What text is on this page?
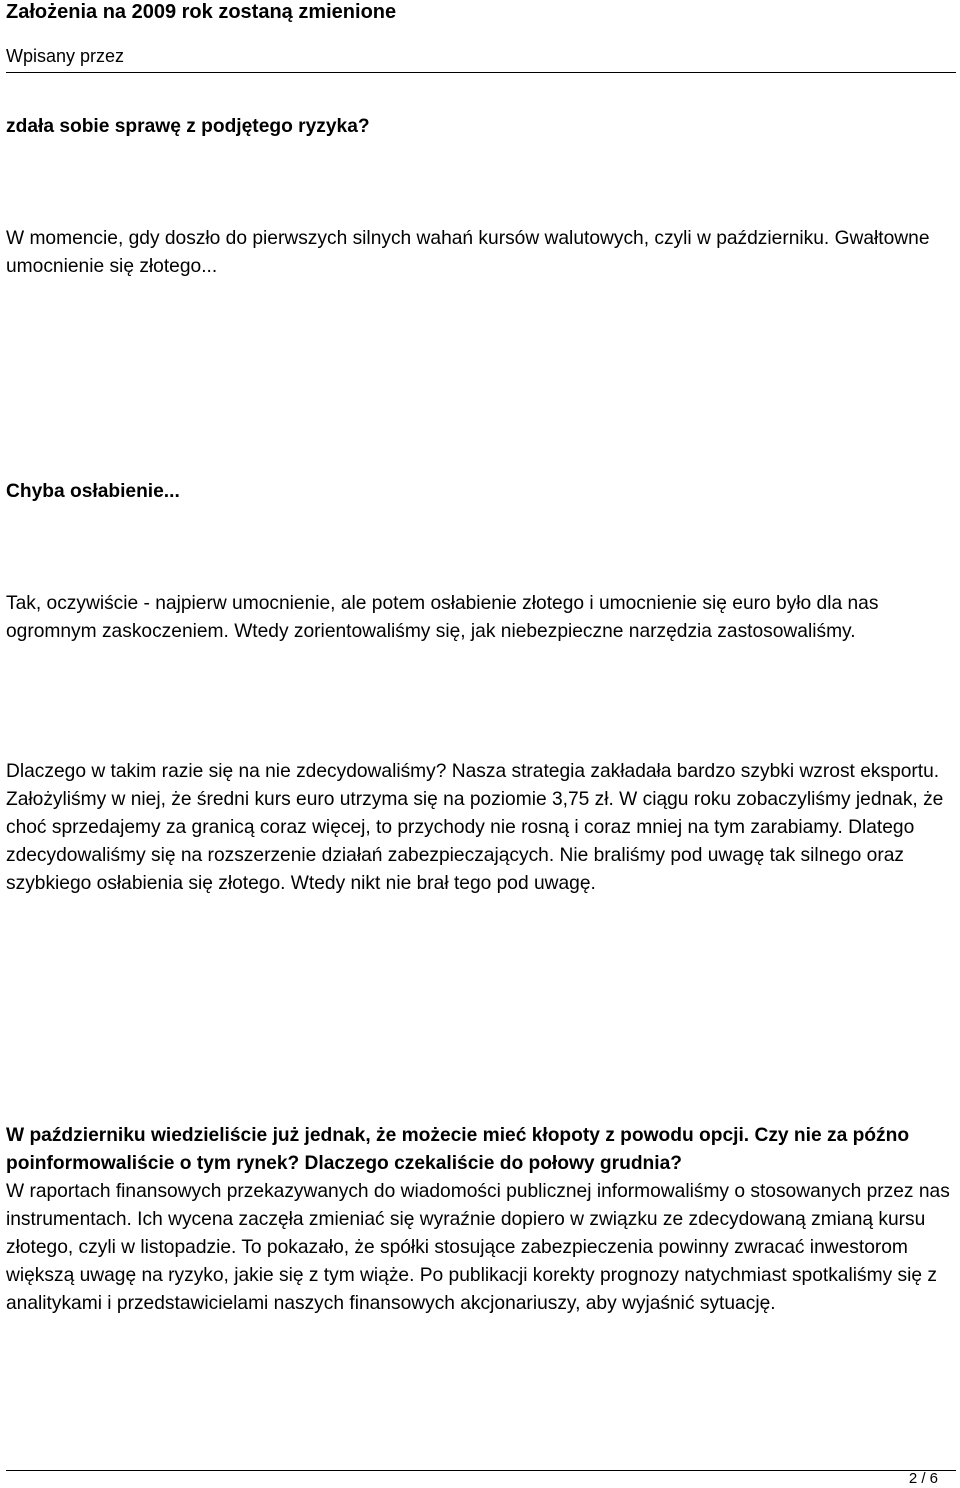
Założenia na 2009 rok zostaną zmienione
Wpisany przez

zdała sobie sprawę z podjętego ryzyka?

W momencie, gdy doszło do pierwszych silnych wahań kursów walutowych, czyli w październiku. Gwałtowne umocnienie się złotego...

Chyba osłabienie...

Tak, oczywiście - najpierw umocnienie, ale potem osłabienie złotego i umocnienie się euro było dla nas ogromnym zaskoczeniem. Wtedy zorientowaliśmy się, jak niebezpieczne narzędzia zastosowaliśmy.

Dlaczego w takim razie się na nie zdecydowaliśmy? Nasza strategia zakładała bardzo szybki wzrost eksportu. Założyliśmy w niej, że średni kurs euro utrzyma się na poziomie 3,75 zł. W ciągu roku zobaczyliśmy jednak, że choć sprzedajemy za granicą coraz więcej, to przychody nie rosną i coraz mniej na tym zarabiamy. Dlatego zdecydowaliśmy się na rozszerzenie działań zabezpieczających. Nie braliśmy pod uwagę tak silnego oraz szybkiego osłabienia się złotego. Wtedy nikt nie brał tego pod uwagę.

W październiku wiedzieliście już jednak, że możecie mieć kłopoty z powodu opcji. Czy nie za późno poinformowaliście o tym rynek? Dlaczego czekaliście do połowy grudnia?

W raportach finansowych przekazywanych do wiadomości publicznej informowaliśmy o stosowanych przez nas instrumentach. Ich wycena zaczęła zmieniać się wyraźnie dopiero w związku ze zdecydowaną zmianą kursu złotego, czyli w listopadzie. To pokazało, że spółki stosujące zabezpieczenia powinny zwracać inwestorom większą uwagę na ryzyko, jakie się z tym wiąże. Po publikacji korekty prognozy natychmiast spotkaliśmy się z analitykami i przedstawicielami naszych finansowych akcjonariuszy, aby wyjaśnić sytuację.

2 / 6
